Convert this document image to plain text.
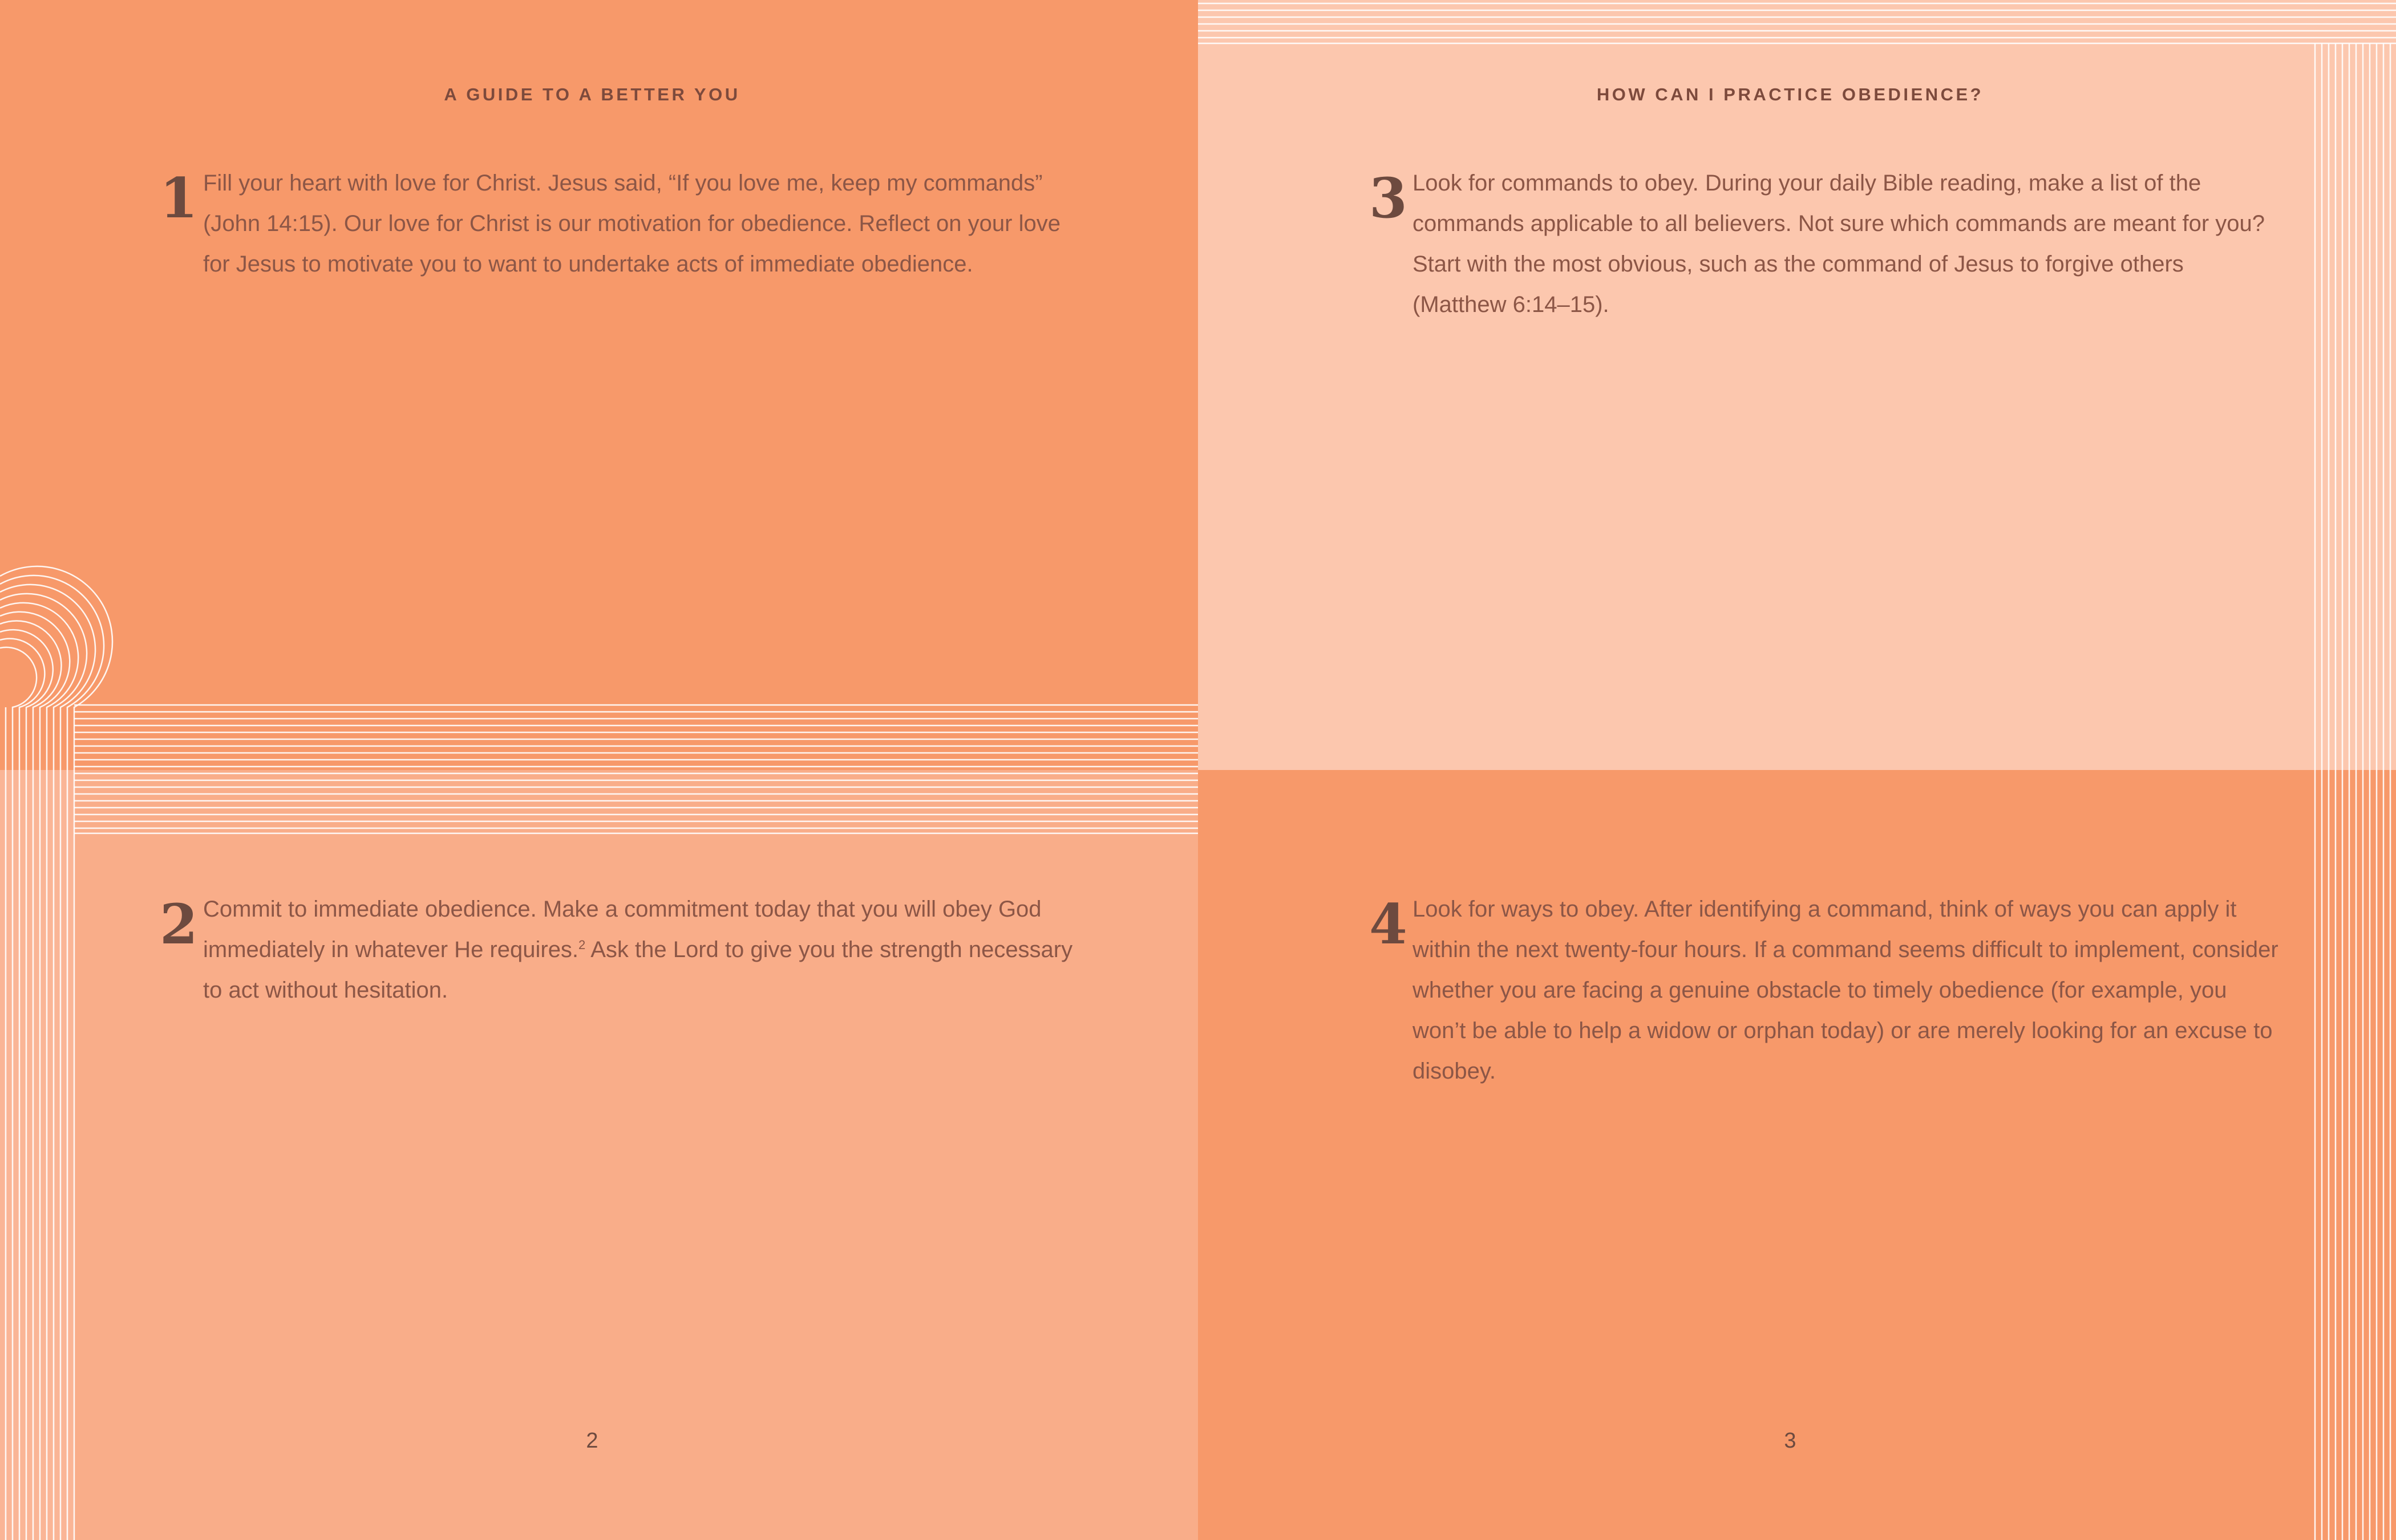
A GUIDE TO A BETTER YOU
1 Fill your heart with love for Christ. Jesus said, “If you love me, keep my commands” (John 14:15). Our love for Christ is our motivation for obedience. Reflect on your love for Jesus to motivate you to want to undertake acts of immediate obedience.
2 Commit to immediate obedience. Make a commitment today that you will obey God immediately in whatever He requires.$^2$ Ask the Lord to give you the strength necessary to act without hesitation.
2
HOW CAN I PRACTICE OBEDIENCE?
3 Look for commands to obey. During your daily Bible reading, make a list of the commands applicable to all believers. Not sure which commands are meant for you? Start with the most obvious, such as the command of Jesus to forgive others (Matthew 6:14–15).
4 Look for ways to obey. After identifying a command, think of ways you can apply it within the next twenty-four hours. If a command seems difficult to implement, consider whether you are facing a genuine obstacle to timely obedience (for example, you won’t be able to help a widow or orphan today) or are merely looking for an excuse to disobey.
3
